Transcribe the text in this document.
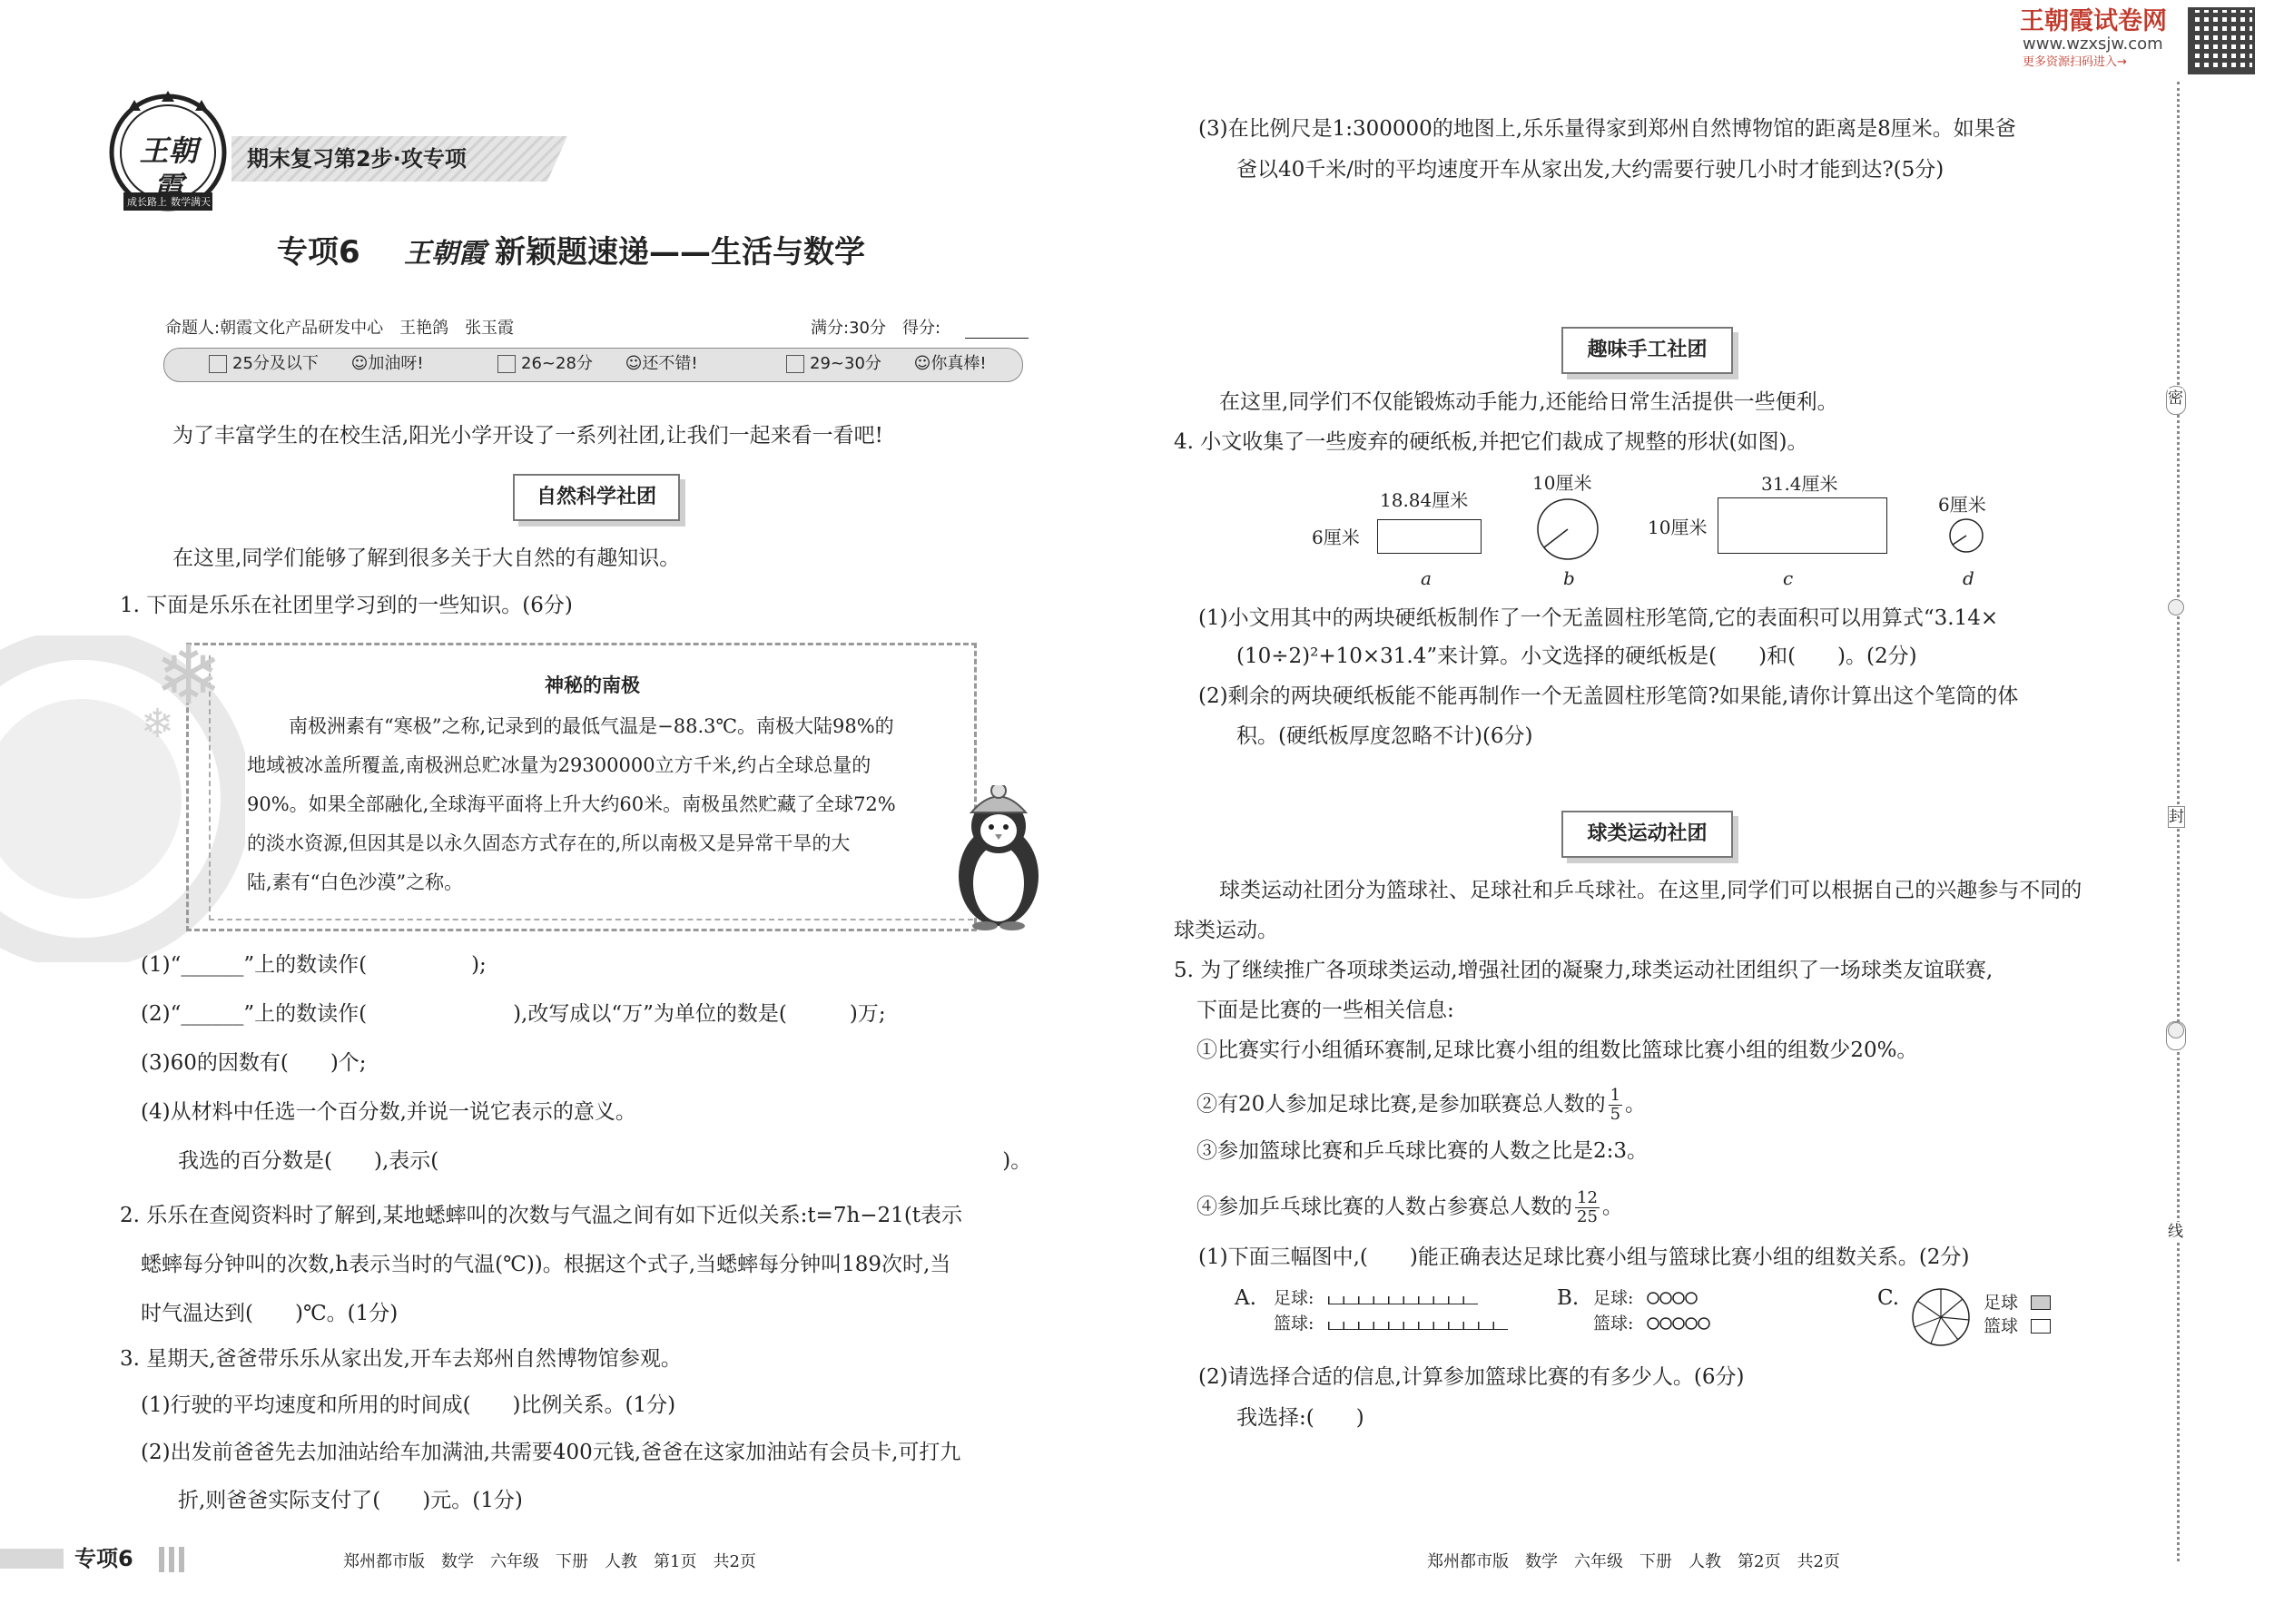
王朝霞
成长路上 数学满天
期末复习第2步·攻专项
专项6 王朝霞 新颖题速递——生活与数学
命题人:朝霞文化产品研发中心　王艳鸽　张玉霞	满分:30分　得分:
25分及以下 ☺加油呀!	26~28分 ☺还不错!	29~30分 ☺你真棒!
为了丰富学生的在校生活,阳光小学开设了一系列社团,让我们一起来看一看吧!
自然科学社团
在这里,同学们能够了解到很多关于大自然的有趣知识。
1. 下面是乐乐在社团里学习到的一些知识。(6分)
❄
❄
神秘的南极
南极洲素有“寒极”之称,记录到的最低气温是−88.3℃。南极大陆98%的
地域被冰盖所覆盖,南极洲总贮冰量为29300000立方千米,约占全球总量的
90%。如果全部融化,全球海平面将上升大约60米。南极虽然贮藏了全球72%
的淡水资源,但因其是以永久固态方式存在的,所以南极又是异常干旱的大
陆,素有“白色沙漠”之称。
(1)“______”上的数读作(　　　　　);
(2)“______”上的数读作(　　　　　　　),改写成以“万”为单位的数是(　　　)万;
(3)60的因数有(　　)个;
(4)从材料中任选一个百分数,并说一说它表示的意义。
我选的百分数是(　　),表示(　　　　　　　　　　　　　　　　　　　　　　　　　　　)。
2. 乐乐在查阅资料时了解到,某地蟋蟀叫的次数与气温之间有如下近似关系:t=7h−21(t表示
蟋蟀每分钟叫的次数,h表示当时的气温(℃))。根据这个式子,当蟋蟀每分钟叫189次时,当
时气温达到(　　)℃。(1分)
3. 星期天,爸爸带乐乐从家出发,开车去郑州自然博物馆参观。
(1)行驶的平均速度和所用的时间成(　　)比例关系。(1分)
(2)出发前爸爸先去加油站给车加满油,共需要400元钱,爸爸在这家加油站有会员卡,可打九
折,则爸爸实际支付了(　　)元。(1分)
专项6	郑州都市版　数学　六年级　下册　人教　第1页　共2页
王朝霞试卷网
www.wzxsjw.com
更多资源扫码进入→
(3)在比例尺是1:300000的地图上,乐乐量得家到郑州自然博物馆的距离是8厘米。如果爸
爸以40千米/时的平均速度开车从家出发,大约需要行驶几小时才能到达?(5分)
趣味手工社团
在这里,同学们不仅能锻炼动手能力,还能给日常生活提供一些便利。
4. 小文收集了一些废弃的硬纸板,并把它们裁成了规整的形状(如图)。
18.84厘米
6厘米
a
10厘米
b
31.4厘米
10厘米
c
6厘米
d
(1)小文用其中的两块硬纸板制作了一个无盖圆柱形笔筒,它的表面积可以用算式“3.14×
(10÷2)²+10×31.4”来计算。小文选择的硬纸板是(　　)和(　　)。(2分)
(2)剩余的两块硬纸板能不能再制作一个无盖圆柱形笔筒?如果能,请你计算出这个笔筒的体
积。(硬纸板厚度忽略不计)(6分)
球类运动社团
球类运动社团分为篮球社、足球社和乒乓球社。在这里,同学们可以根据自己的兴趣参与不同的
球类运动。
5. 为了继续推广各项球类运动,增强社团的凝聚力,球类运动社团组织了一场球类友谊联赛,
下面是比赛的一些相关信息:
①比赛实行小组循环赛制,足球比赛小组的组数比篮球比赛小组的组数少20%。
②有20人参加足球比赛,是参加联赛总人数的 $\frac{1}{5}$ 。
③参加篮球比赛和乒乓球比赛的人数之比是2:3。
④参加乒乓球比赛的人数占参赛总人数的 $\frac{12}{25}$ 。
(1)下面三幅图中,(　　)能正确表达足球比赛小组与篮球比赛小组的组数关系。(2分)
A. 足球:
篮球:
B. 足球:
篮球:
C.	足球
篮球
(2)请选择合适的信息,计算参加篮球比赛的有多少人。(6分)
我选择:(　　)
郑州都市版　数学　六年级　下册　人教　第2页　共2页
密
封
线
